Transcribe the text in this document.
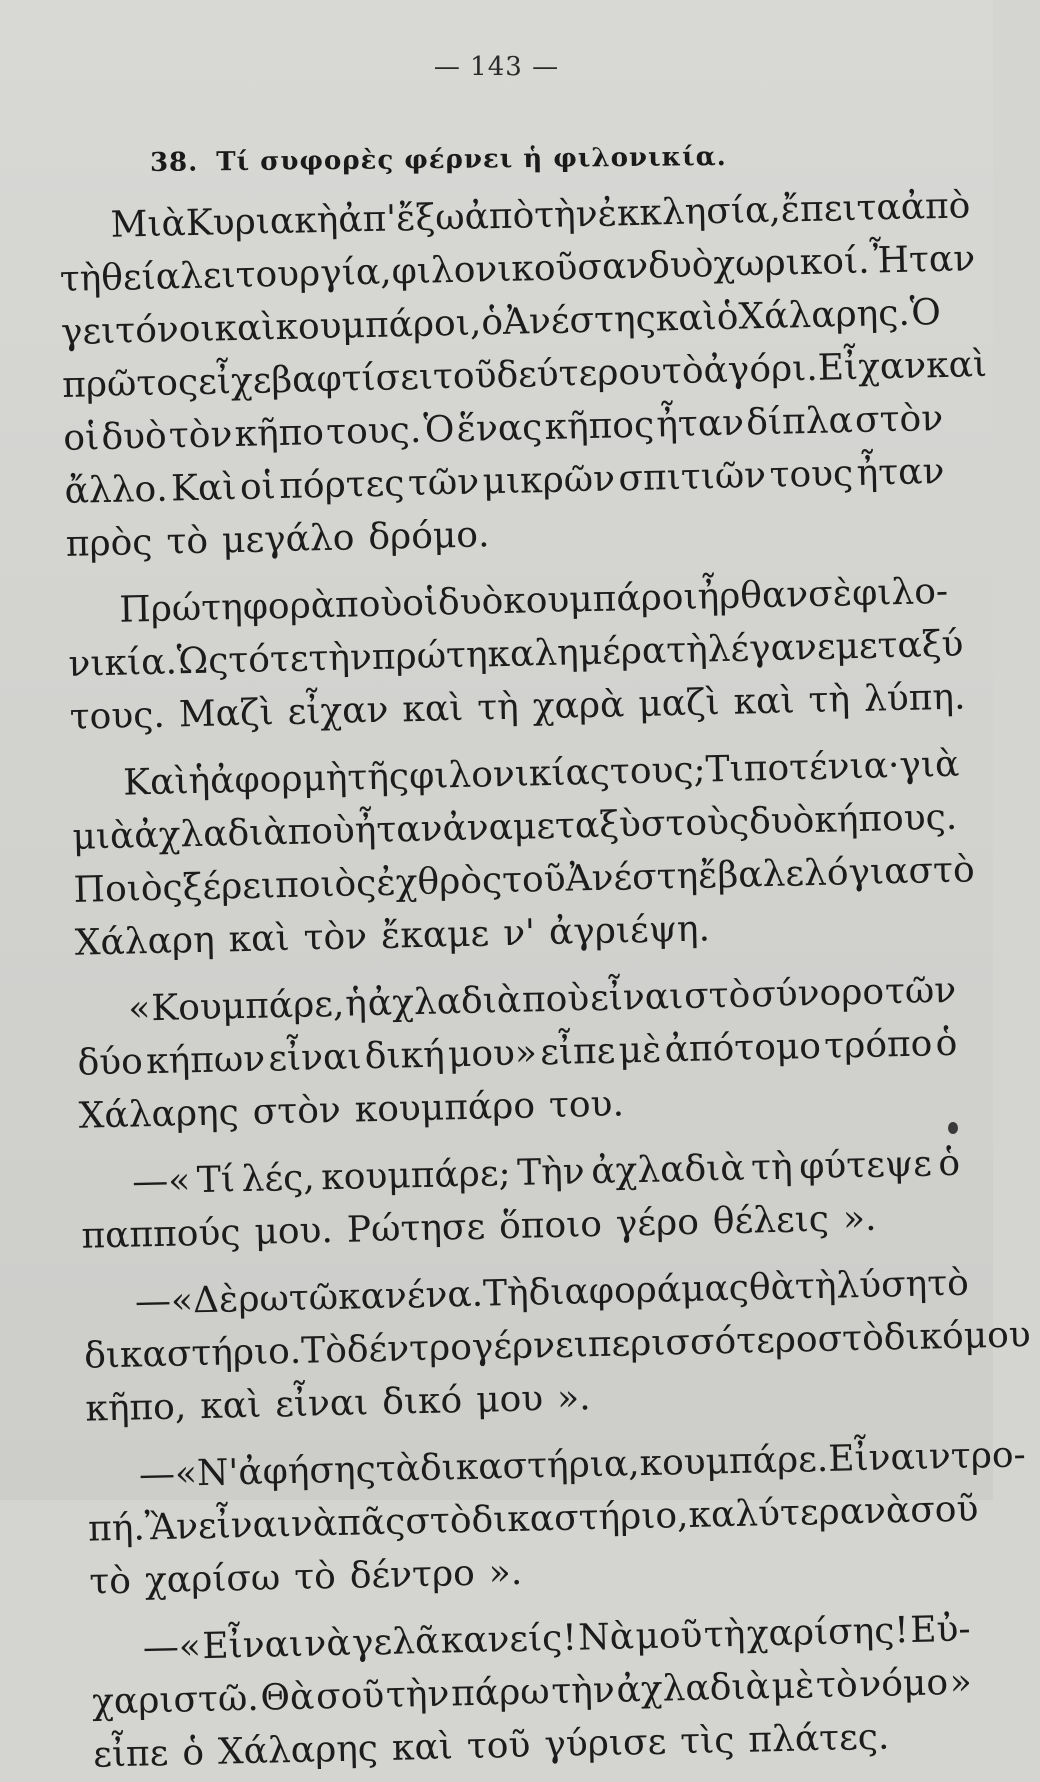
— 143 —
38. Τί συφορὲς φέρνει ἡ φιλονικία.
Μιὰ Κυριακὴ ἀπ' ἔξω ἀπὸ τὴν ἐκκλησία, ἔπειτα ἀπὸ
τὴ θεία λειτουργία, φιλονικοῦσαν δυὸ χωρικοί. Ἦταν
γειτόνοι καὶ κουμπάροι, ὁ Ἀνέστης καὶ ὁ Χάλαρης. Ὁ
πρῶτος εἶχε βαφτίσει τοῦ δεύτερου τὸ ἀγόρι. Εἶχαν καὶ
οἱ δυὸ τὸν κῆπο τους. Ὁ ἕνας κῆπος ἦταν δίπλα στὸν
ἄλλο. Καὶ οἱ πόρτες τῶν μικρῶν σπιτιῶν τους ἦταν
πρὸς τὸ μεγάλο δρόμο.
Πρώτη φορὰ ποὺ οἱ δυὸ κουμπάροι ἦρθαν σὲ φιλο-
νικία. Ὡς τότε τὴν πρώτη καλημέρα τὴ λέγανε μεταξύ
τους. Μαζὶ εἶχαν καὶ τὴ χαρὰ μαζὶ καὶ τὴ λύπη.
Καὶ ἡ ἀφορμὴ τῆς φιλονικίας τους; Τιποτένια· γιὰ
μιὰ ἀχλαδιὰ ποὺ ἦταν ἀναμεταξὺ στοὺς δυὸ κήπους.
Ποιὸς ξέρει ποιὸς ἐχθρὸς τοῦ Ἀνέστη ἔβαλε λόγια στὸ
Χάλαρη καὶ τὸν ἔκαμε ν' ἀγριέψη.
« Κουμπάρε, ἡ ἀχλαδιὰ ποὺ εἶναι στὸ σύνορο τῶν
δύο κήπων εἶναι δική μου» εἶπε μὲ ἀπότομο τρόπο ὁ
Χάλαρης στὸν κουμπάρο του.
—« Τί λές, κουμπάρε; Τὴν ἀχλαδιὰ τὴ φύτεψε ὁ
παππούς μου. Ρώτησε ὅποιο γέρο θέλεις ».
—« Δὲ ρωτῶ κανένα. Τὴ διαφορά μας θὰ τὴ λύση τὸ
δικαστήριο. Τὸ δέντρο γέρνει περισσότερο στὸ δικό μου
κῆπο, καὶ εἶναι δικό μου ».
—« Ν' ἀφήσης τὰ δικαστήρια, κουμπάρε. Εἶναι ντρο-
πή. Ἂν εἶναι νὰ πᾶς στὸ δικαστήριο, καλύτερα νὰ σοῦ
τὸ χαρίσω τὸ δέντρο ».
—« Εἶναι νὰ γελᾶ κανείς! Νὰ μοῦ τὴ χαρίσης! Εὐ-
χαριστῶ. Θὰ σοῦ τὴν πάρω τὴν ἀχλαδιὰ μὲ τὸ νόμο »
εἶπε ὁ Χάλαρης καὶ τοῦ γύρισε τὶς πλάτες.
